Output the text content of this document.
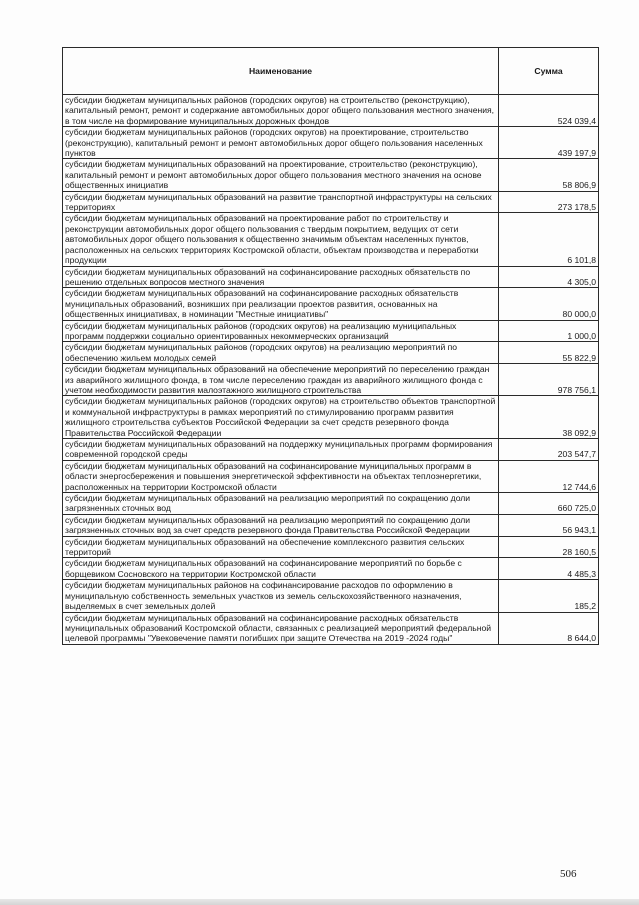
Наименование	Сумма
субсидии бюджетам муниципальных районов (городских округов) на строительство (реконструкцию), капитальный ремонт, ремонт и содержание автомобильных дорог общего пользования местного значения, в том числе на формирование муниципальных дорожных фондов	524 039,4
субсидии бюджетам муниципальных районов (городских округов) на проектирование, строительство (реконструкцию), капитальный ремонт и ремонт автомобильных дорог общего пользования населенных пунктов	439 197,9
субсидии бюджетам муниципальных образований на проектирование, строительство (реконструкцию), капитальный ремонт и ремонт автомобильных дорог общего пользования местного значения на основе общественных инициатив	58 806,9
субсидии бюджетам муниципальных образований на развитие транспортной инфраструктуры на сельских территориях	273 178,5
субсидии бюджетам муниципальных образований на проектирование работ по строительству и реконструкции автомобильных дорог общего пользования с твердым покрытием, ведущих от сети автомобильных дорог общего пользования к общественно значимым объектам населенных пунктов, расположенных на сельских территориях Костромской области, объектам производства и переработки продукции	6 101,8
субсидии бюджетам муниципальных образований на софинансирование расходных обязательств по решению отдельных вопросов местного значения	4 305,0
субсидии бюджетам муниципальных образований на софинансирование расходных обязательств муниципальных образований, возникших при реализации проектов развития, основанных на общественных инициативах, в номинации "Местные инициативы"	80 000,0
субсидии бюджетам муниципальных районов (городских округов) на реализацию муниципальных программ поддержки социально ориентированных некоммерческих организаций	1 000,0
субсидии бюджетам муниципальных районов (городских округов) на реализацию мероприятий по обеспечению жильем молодых семей	55 822,9
субсидии бюджетам муниципальных образований на обеспечение мероприятий по переселению граждан из аварийного жилищного фонда, в том числе переселению граждан из аварийного жилищного фонда с учетом необходимости развития малоэтажного жилищного строительства	978 756,1
субсидии бюджетам муниципальных районов (городских округов) на строительство объектов транспортной и коммунальной инфраструктуры в рамках мероприятий по стимулированию программ развития жилищного строительства субъектов Российской Федерации за счет средств резервного фонда Правительства Российской Федерации	38 092,9
субсидии бюджетам муниципальных образований на поддержку муниципальных программ формирования современной городской среды	203 547,7
субсидии бюджетам муниципальных образований на софинансирование муниципальных программ в области энергосбережения и повышения энергетической эффективности на объектах теплоэнергетики, расположенных на территории Костромской области	12 744,6
субсидии бюджетам муниципальных образований на реализацию мероприятий по сокращению доли загрязненных сточных вод	660 725,0
субсидии бюджетам муниципальных образований на реализацию мероприятий по сокращению доли загрязненных сточных вод за счет средств резервного фонда Правительства Российской Федерации	56 943,1
субсидии бюджетам муниципальных образований на обеспечение комплексного развития сельских территорий	28 160,5
субсидии бюджетам муниципальных образований на софинансирование мероприятий по борьбе с борщевиком Сосновского на территории Костромской области	4 485,3
субсидии бюджетам муниципальных районов на софинансирование расходов по оформлению в муниципальную собственность земельных участков из земель сельскохозяйственного назначения, выделяемых в счет земельных долей	185,2
субсидии бюджетам муниципальных образований на софинансирование расходных обязательств муниципальных образований Костромской области, связанных с реализацией мероприятий федеральной целевой программы "Увековечение памяти погибших при защите Отечества на 2019 -2024 годы"	8 644,0
506
